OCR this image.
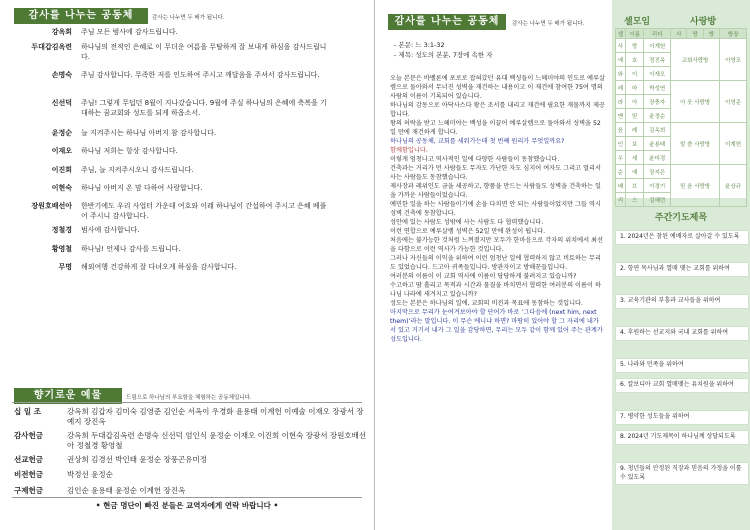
감사를 나누는 공동체	감사는 나누면 두 배가 됩니다.
강옥희 주님 모든 범사에 감사드립니다.
두대갑김옥련 하나님의 전적인 은혜로 이 무더운 여름을 무탈하게 잘 보내게 하심을 감사드립니다.
손명숙 주님 감사합니다. 무족한 저를 인도하여 주시고 깨달음을 주셔서 감사드립니다.
신선덕 주님! 그렇게 무덥던 8월이 지나갔습니다. 9월에 주실 하나님의 은혜에 축복을 기대하는 꿈교회와 성도를 되게 하옵소서.
윤정순 늘 지켜주시는 하나님 아버지 참 감사합니다.
이재오 하나님 저희는 항상 감사합니다.
이진희 주님, 늘 지켜주시오니 감사드립니다.
이현숙 하나님 아버지 온 맘 다하여 사랑합니다.
장원호배선아 한반기에도 우리 사업터 가운데 여호와 이레 하나님이 간섭하여 주시고 은혜 베풀어 주시니 감사합니다.
정철경 범사에 감사합니다.
황영철 하나님! 언제나 감사를 드립니다.
무명 해외여행 건강하게 잘 다녀오게 하심을 감사합니다.
향기로운 예물	드림으로 하나님의 부요함을 체험하는 공동체입니다.
십 일 조	강옥희 김갑자 김미숙 김영준 김인순 서옥이 우경화 윤용태 이계헌 이예술 이재오 장광서 장예지 장진옥
감사헌금	강옥희 두대갑김옥련 손명숙 신선덕 엄인식 윤정순 이재오 이진희 이현숙 장광서 장원호배선아 정철경 황영철
선교헌금	권상희 김경선 박인태 윤정순 장풍곤유미정
비전헌금	박정선 윤정순
구제헌금	김인순 윤용태 윤정순 이계헌 장진옥
• 현금 명단이 빠진 분들은 교역자에게 연락 바랍니다 •
감사를 나누는 공동체	감사는 나누면 두 배가 됩니다.
- 본문: 느 3:1-32
- 제목: 성도의 본분, 7장에 속한 자

오늘 본문은 바벨론에 포로로 잡혀갔던 유대 백성들이 느헤미야의 인도로 예루살렘으로 돌아와서 무너진 성벽을 재건하는 내용이고 이 재건에 참여한 75여 명의 사람의 이름이 기록되어 있습니다.

하나님의 감동으로 아닥사스다 왕은 조서를 내리고 재건에 필요한 재물까지 제공합니다.

왕의 허락을 받고 느헤미야는 백성을 이끌어 예루살렘으로 돌아와서 성벽을 52일 만에 재건하게 합니다.

하나님의 공동체, 교회를 세워가는데 첫 번째 원리가 무엇일까요?

함께함입니다.

이렇게 엄청나고 역사적인 일에 다양한 사람들이 동참했습니다.

건축과는 거리가 먼 사람들도 무자도 가난한 자도 심지어 여자도 그리고 멀리서 사는 사람들도 동참했습니다.

제사장과 레위인도 금을 세공하고, 향품을 만드는 사람들도 성벽을 건축하는 일을 가까운 사람들이었습니다.

예민한 일을 하는 사람들이기에 손을 다치면 안 되는 사람들이었지만 그들 역시 성벽 건축에 동참합니다.

성안에 있는 사람도 성밖에 사는 사람도 다 협력했습니다.

이런 연합으로 예루살렘 성벽은 52일 만에 완성이 됩니다.

처음에는 불가능한 것처럼 느껴졌지만 모두가 한마음으로 각자의 위치에서 최선을 다함으로 이런 역사가 가능한 것입니다.

그러나 자신들의 이익을 위하여 이런 엄청난 일에 협력하지 않고 비토하는 무리도 있었습니다. 드고아 귀족들입니다. 방관자이고 방해꾼들입니다.

여러분의 이름이 이 교회 역사에 이름이 당당하게 불려지고 있습니까?

수고하고 땀 흘리고 목적과 시간과 물질을 바치면서 협력한 여러분의 이름이 하나님 나라에 새겨지고 있습니까?

성도는 본분은 하나님의 일에, 교회의 비전과 목표에 동참하는 것입니다.

마지막으로 무리가 눈여겨보아야 할 단어가 바로 ‘그다음에 (next him, next them)’라는 말입니다. 이 무슨 에니냐 하면? 마땅히 있어야 할 그 자리에 내가 서 있고 거기서 내가 그 일을 감당하면, 무리는 모두 같이 함께 있어 주는 관계가 성도입니다.

셀모임	사랑방
셀	이름	리더	사	랑	방	방장
사	랑	이계헌	교회사랑방			이영조
예	호	정진옥				
와	이	이재오				
레	마	박성연	아 웃 사랑방			이영준
라	아	장충자				
멘	믿	윤정순				
음	레	김옥희	말 씀 사랑방			이계헌
인	보	윤용태				
우	세	윤미경				
순	예	장지은	믿 음 사랑방			윤상규
배	브	이경기				
리	스	김혜련				
주간기도제목
1. 2024년은 참된 예배자로 살아갈 수 있도록
2. 항연 목사님과 열매 맺는 교회를 위하여
3. 교육기관의 부흥과 교사들을 위하여
4. 후원하는 선교지와 국내 교회를 위하여
5. 나라와 민족을 위하여
6. 칼보디아 교회 열매맺는 유치원을 위하여
7. 병약한 성도들을 위하여
8. 2024년 기도제목이 하나님께 상달되도록
9. 청년들의 안정된 직장과 믿음의 가정을 이룰 수 있도록
